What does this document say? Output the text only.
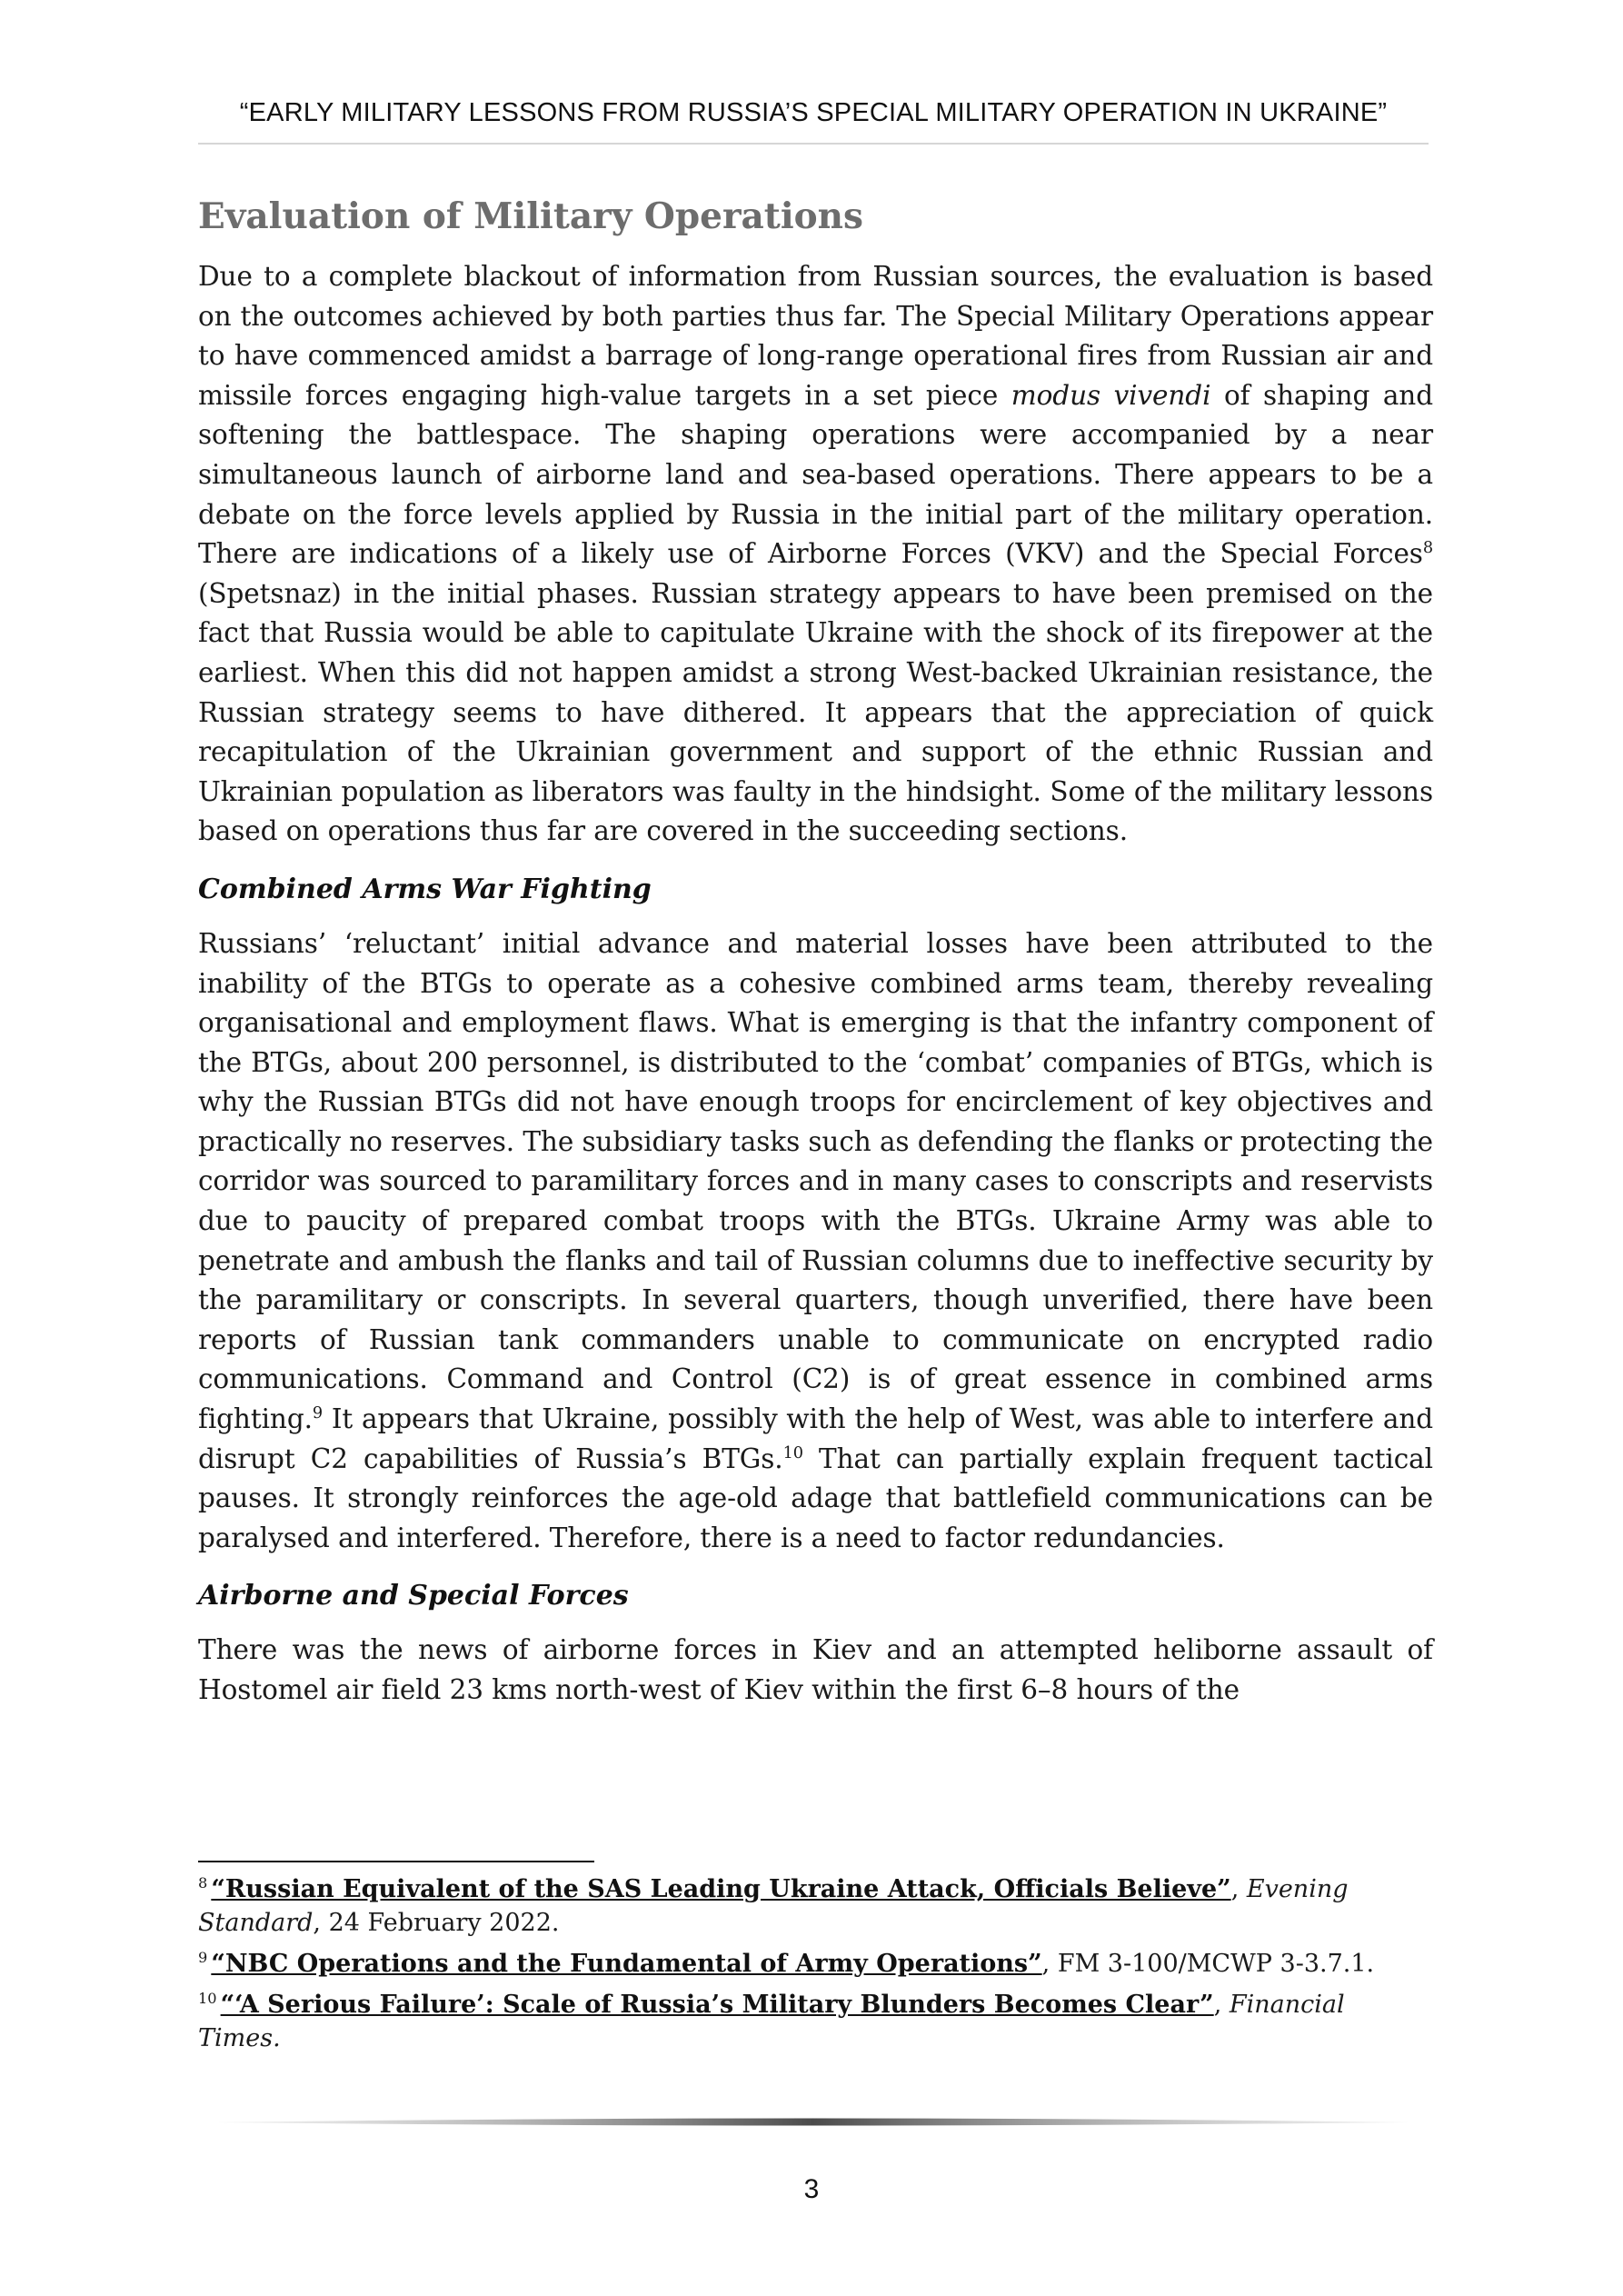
“EARLY MILITARY LESSONS FROM RUSSIA’S SPECIAL MILITARY OPERATION IN UKRAINE”
Evaluation of Military Operations

Due to a complete blackout of information from Russian sources, the evaluation is based on the outcomes achieved by both parties thus far. The Special Military Operations appear to have commenced amidst a barrage of long-range operational fires from Russian air and missile forces engaging high-value targets in a set piece modus vivendi of shaping and softening the battlespace. The shaping operations were accompanied by a near simultaneous launch of airborne land and sea-based operations. There appears to be a debate on the force levels applied by Russia in the initial part of the military operation. There are indications of a likely use of Airborne Forces (VKV) and the Special Forces$^8$ (Spetsnaz) in the initial phases. Russian strategy appears to have been premised on the fact that Russia would be able to capitulate Ukraine with the shock of its firepower at the earliest. When this did not happen amidst a strong West-backed Ukrainian resistance, the Russian strategy seems to have dithered. It appears that the appreciation of quick recapitulation of the Ukrainian government and support of the ethnic Russian and Ukrainian population as liberators was faulty in the hindsight. Some of the military lessons based on operations thus far are covered in the succeeding sections.

Combined Arms War Fighting

Russians’ ‘reluctant’ initial advance and material losses have been attributed to the inability of the BTGs to operate as a cohesive combined arms team, thereby revealing organisational and employment flaws. What is emerging is that the infantry component of the BTGs, about 200 personnel, is distributed to the ‘combat’ companies of BTGs, which is why the Russian BTGs did not have enough troops for encirclement of key objectives and practically no reserves. The subsidiary tasks such as defending the flanks or protecting the corridor was sourced to paramilitary forces and in many cases to conscripts and reservists due to paucity of prepared combat troops with the BTGs. Ukraine Army was able to penetrate and ambush the flanks and tail of Russian columns due to ineffective security by the paramilitary or conscripts. In several quarters, though unverified, there have been reports of Russian tank commanders unable to communicate on encrypted radio communications. Command and Control (C2) is of great essence in combined arms fighting.$^9$ It appears that Ukraine, possibly with the help of West, was able to interfere and disrupt C2 capabilities of Russia’s BTGs.$^{10}$ That can partially explain frequent tactical pauses. It strongly reinforces the age-old adage that battlefield communications can be paralysed and interfered. Therefore, there is a need to factor redundancies.

Airborne and Special Forces

There was the news of airborne forces in Kiev and an attempted heliborne assault of Hostomel air field 23 kms north-west of Kiev within the first 6–8 hours of the

$^8$ “Russian Equivalent of the SAS Leading Ukraine Attack, Officials Believe”, Evening Standard, 24 February 2022.

$^9$ “NBC Operations and the Fundamental of Army Operations”, FM 3-100/MCWP 3-3.7.1.

$^{10}$ “‘A Serious Failure’: Scale of Russia’s Military Blunders Becomes Clear”, Financial Times.

3
